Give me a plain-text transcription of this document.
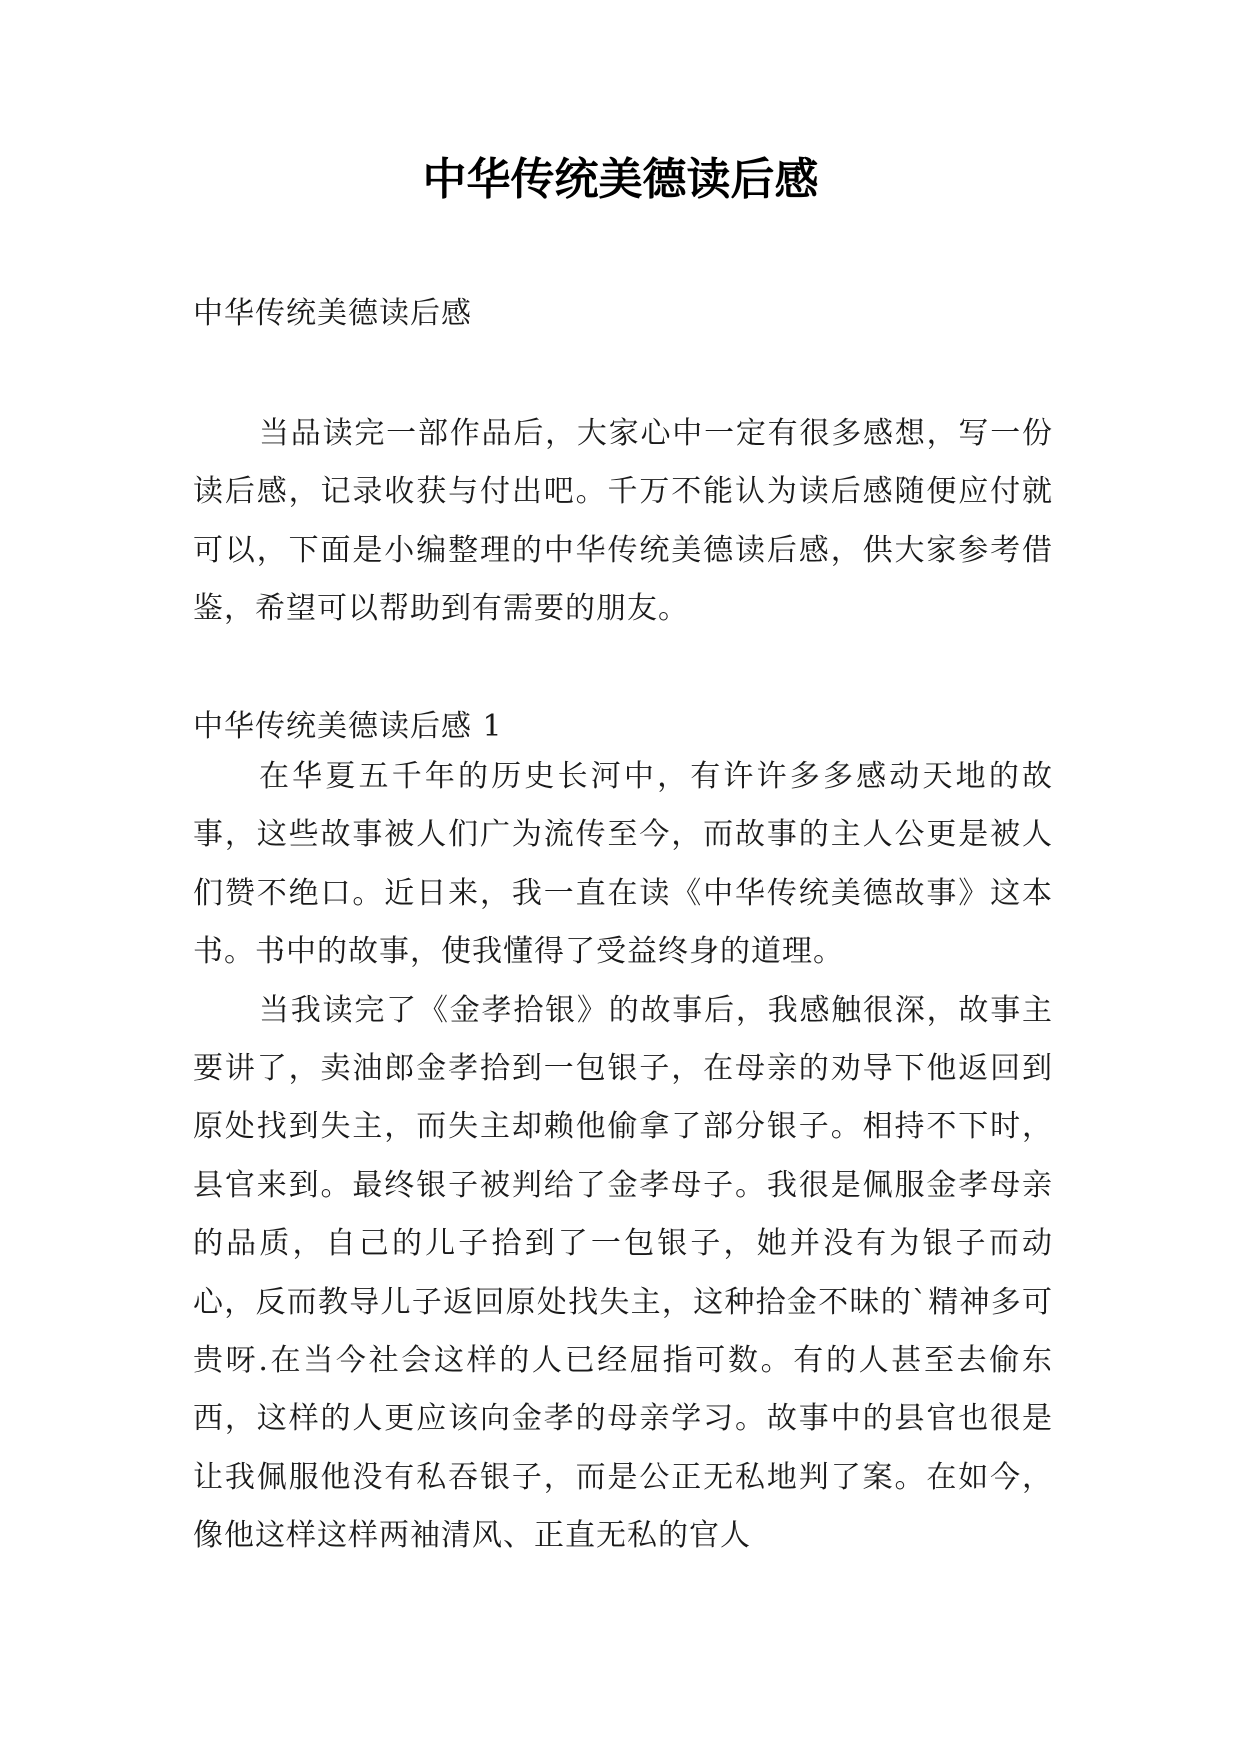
中华传统美德读后感

中华传统美德读后感

当品读完一部作品后，大家心中一定有很多感想，写一份读后感，记录收获与付出吧。千万不能认为读后感随便应付就可以，下面是小编整理的中华传统美德读后感，供大家参考借鉴，希望可以帮助到有需要的朋友。

中华传统美德读后感 1

在华夏五千年的历史长河中，有许许多多感动天地的故事，这些故事被人们广为流传至今，而故事的主人公更是被人们赞不绝口。近日来，我一直在读《中华传统美德故事》这本书。书中的故事，使我懂得了受益终身的道理。

当我读完了《金孝拾银》的故事后，我感触很深，故事主要讲了，卖油郎金孝拾到一包银子，在母亲的劝导下他返回到原处找到失主，而失主却赖他偷拿了部分银子。相持不下时，县官来到。最终银子被判给了金孝母子。我很是佩服金孝母亲的品质，自己的儿子拾到了一包银子，她并没有为银子而动心，反而教导儿子返回原处找失主，这种拾金不昧的`精神多可贵呀.在当今社会这样的人已经屈指可数。有的人甚至去偷东西，这样的人更应该向金孝的母亲学习。故事中的县官也很是让我佩服他没有私吞银子，而是公正无私地判了案。在如今，像他这样这样两袖清风、正直无私的官人
